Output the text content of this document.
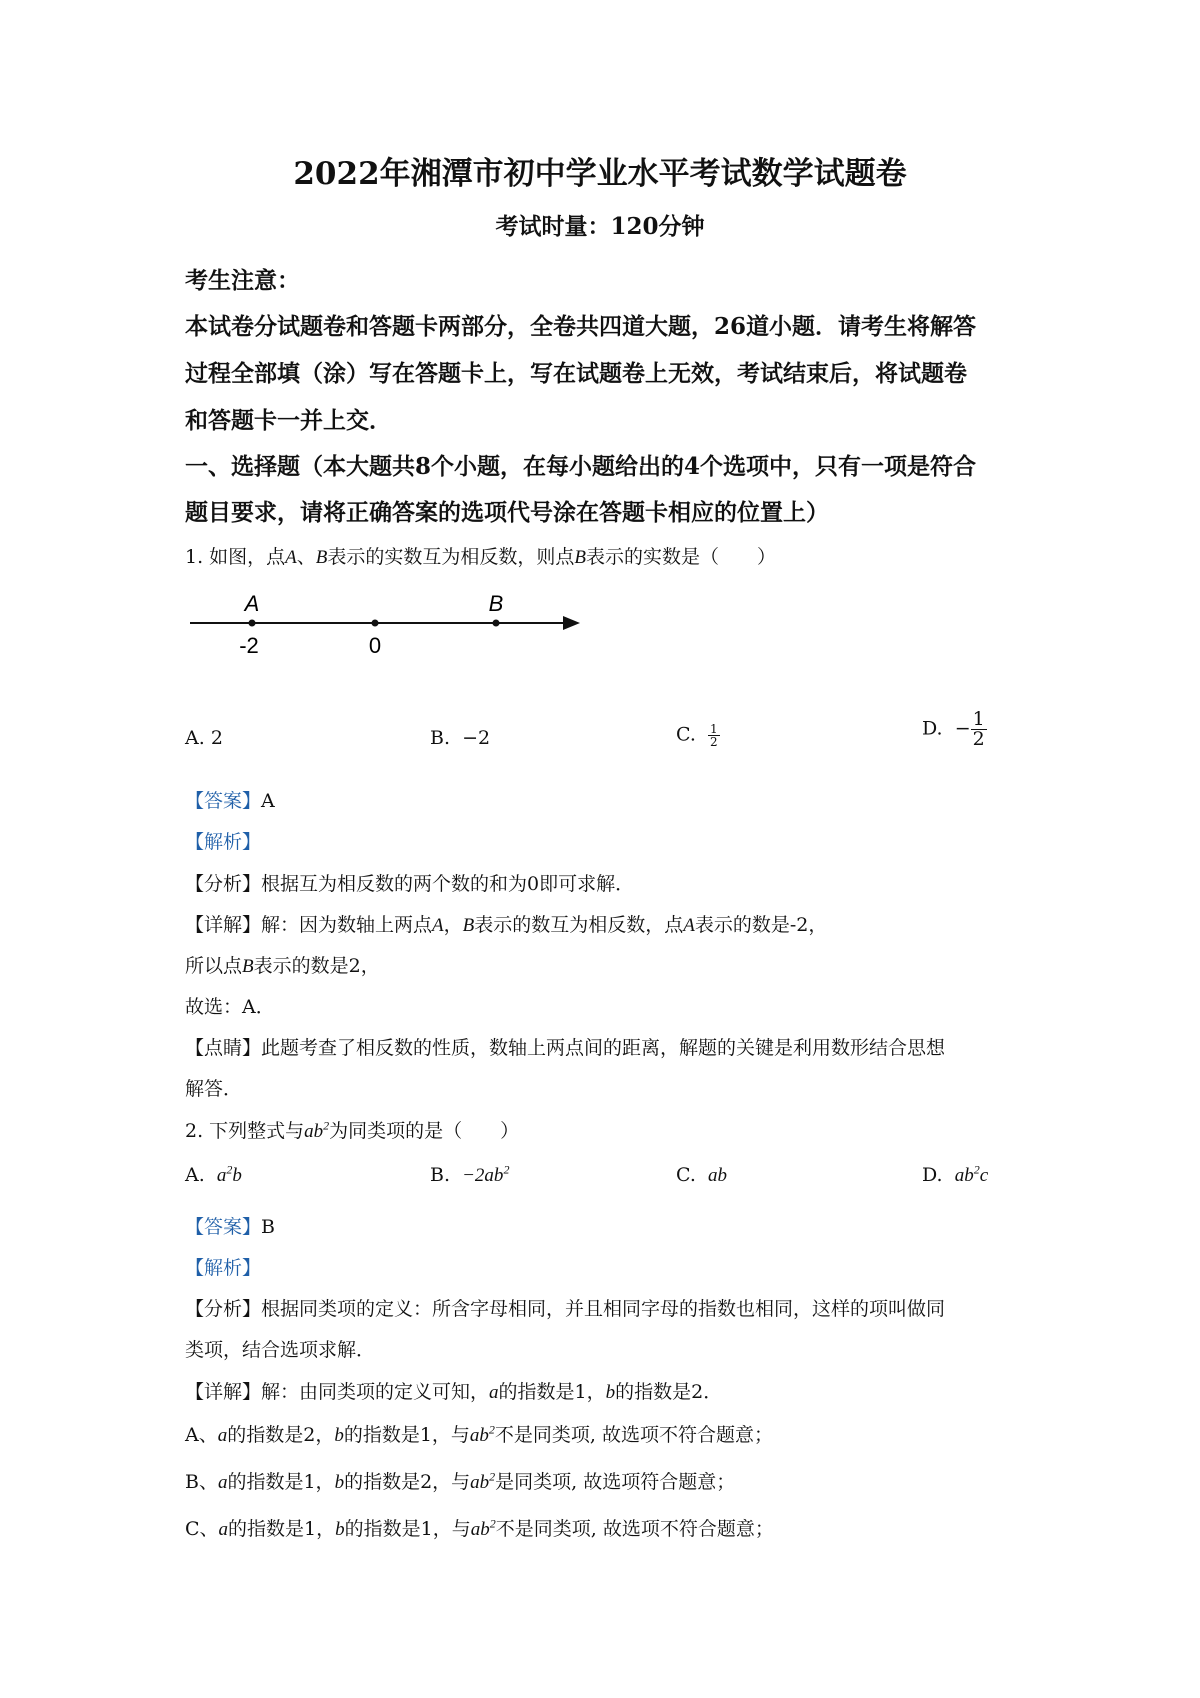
2022年湘潭市初中学业水平考试数学试题卷
考试时量：120分钟
考生注意：
本试卷分试题卷和答题卡两部分，全卷共四道大题，26道小题．请考生将解答
过程全部填（涂）写在答题卡上，写在试题卷上无效，考试结束后，将试题卷
和答题卡一并上交．
一、选择题（本大题共8个小题，在每小题给出的4个选项中，只有一项是符合
题目要求，请将正确答案的选项代号涂在答题卡相应的位置上）
1. 如图，点A、B表示的实数互为相反数，则点B表示的实数是（　　）
A	B
-2	0
A. 2	B. −2	C. $\frac{1}{2}$	D. − $\frac{1}{2}$
【答案】A
【解析】
【分析】根据互为相反数的两个数的和为0即可求解．
【详解】解：因为数轴上两点A，B表示的数互为相反数，点A表示的数是-2，
所以点B表示的数是2，
故选：A．
【点睛】此题考查了相反数的性质，数轴上两点间的距离，解题的关键是利用数形结合思想
解答．
2. 下列整式与$ab^2$为同类项的是（　　）
A. $a^2b$	B. $-2ab^2$	C. ab	D. $ab^2c$
【答案】B
【解析】
【分析】根据同类项的定义：所含字母相同，并且相同字母的指数也相同，这样的项叫做同
类项，结合选项求解．
【详解】解：由同类项的定义可知，a的指数是1，b的指数是2．
A、a的指数是2，b的指数是1，与$ab^2$不是同类项, 故选项不符合题意；
B、a的指数是1，b的指数是2，与$ab^2$是同类项, 故选项符合题意；
C、a的指数是1，b的指数是1，与$ab^2$不是同类项, 故选项不符合题意；
